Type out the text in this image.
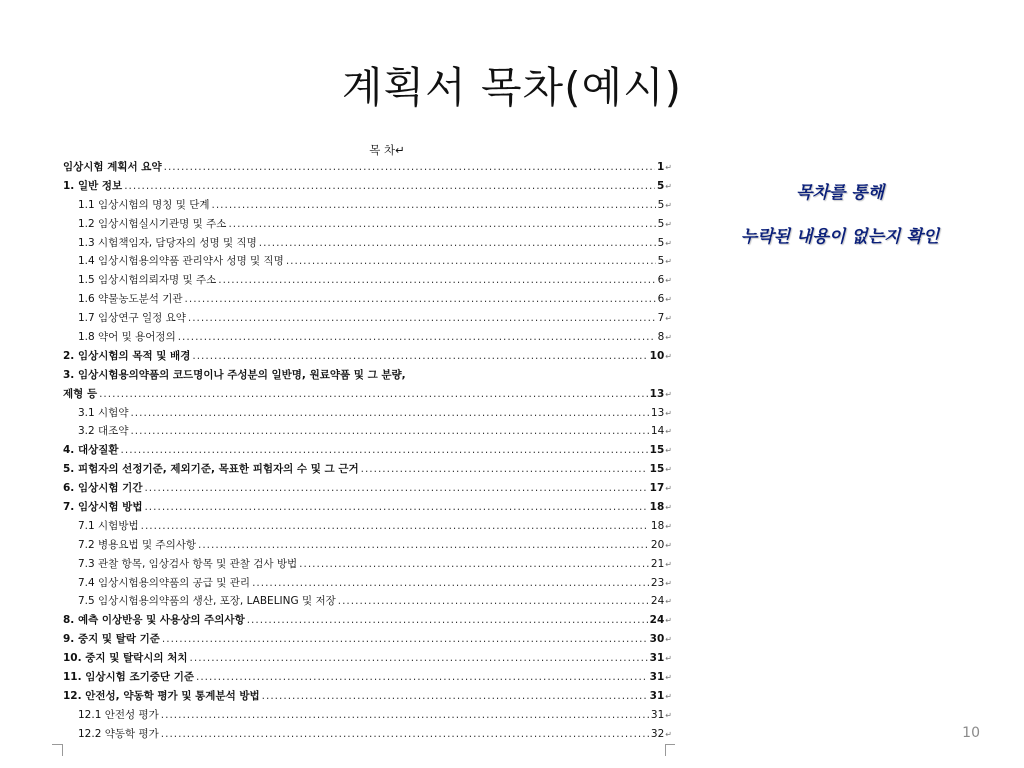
계획서 목차(예시)
목 차↵
임상시험 계획서 요약 .....	1 ↵
1. 일반 정보 .....	5 ↵
1.1 임상시험의 명칭 및 단계 .....	5 ↵
1.2 임상시험실시기관명 및 주소 .....	5 ↵
1.3 시험책임자, 담당자의 성명 및 직명 .....	5 ↵
1.4 임상시험용의약품 관리약사 성명 및 직명 .....	5 ↵
1.5 임상시험의뢰자명 및 주소 .....	6 ↵
1.6 약물농도분석 기관 .....	6 ↵
1.7 임상연구 일정 요약 .....	7 ↵
1.8 약어 및 용어정의 .....	8 ↵
2. 임상시험의 목적 및 배경 .....	10 ↵
3. 임상시험용의약품의 코드명이나 주성분의 일반명, 원료약품 및 그 분량,
제형 등 .....	13 ↵
3.1 시험약 .....	13 ↵
3.2 대조약 .....	14 ↵
4. 대상질환 .....	15 ↵
5. 피험자의 선정기준, 제외기준, 목표한 피험자의 수 및 그 근거 .....	15 ↵
6. 임상시험 기간 .....	17 ↵
7. 임상시험 방법 .....	18 ↵
7.1 시험방법 .....	18 ↵
7.2 병용요법 및 주의사항 .....	20 ↵
7.3 관찰 항목, 임상검사 항목 및 관찰 검사 방법 .....	21 ↵
7.4 임상시험용의약품의 공급 및 관리 .....	23 ↵
7.5 임상시험용의약품의 생산, 포장, LABELING 및 저장 .....	24 ↵
8. 예측 이상반응 및 사용상의 주의사항 .....	24 ↵
9. 중지 및 탈락 기준 .....	30 ↵
10. 중지 및 탈락시의 처치 .....	31 ↵
11. 임상시험 조기중단 기준 .....	31 ↵
12. 안전성, 약동학 평가 및 통계분석 방법 .....	31 ↵
12.1 안전성 평가 .....	31 ↵
12.2 약동학 평가 .....	32 ↵
목차를 통해
누락된 내용이 없는지 확인
10
